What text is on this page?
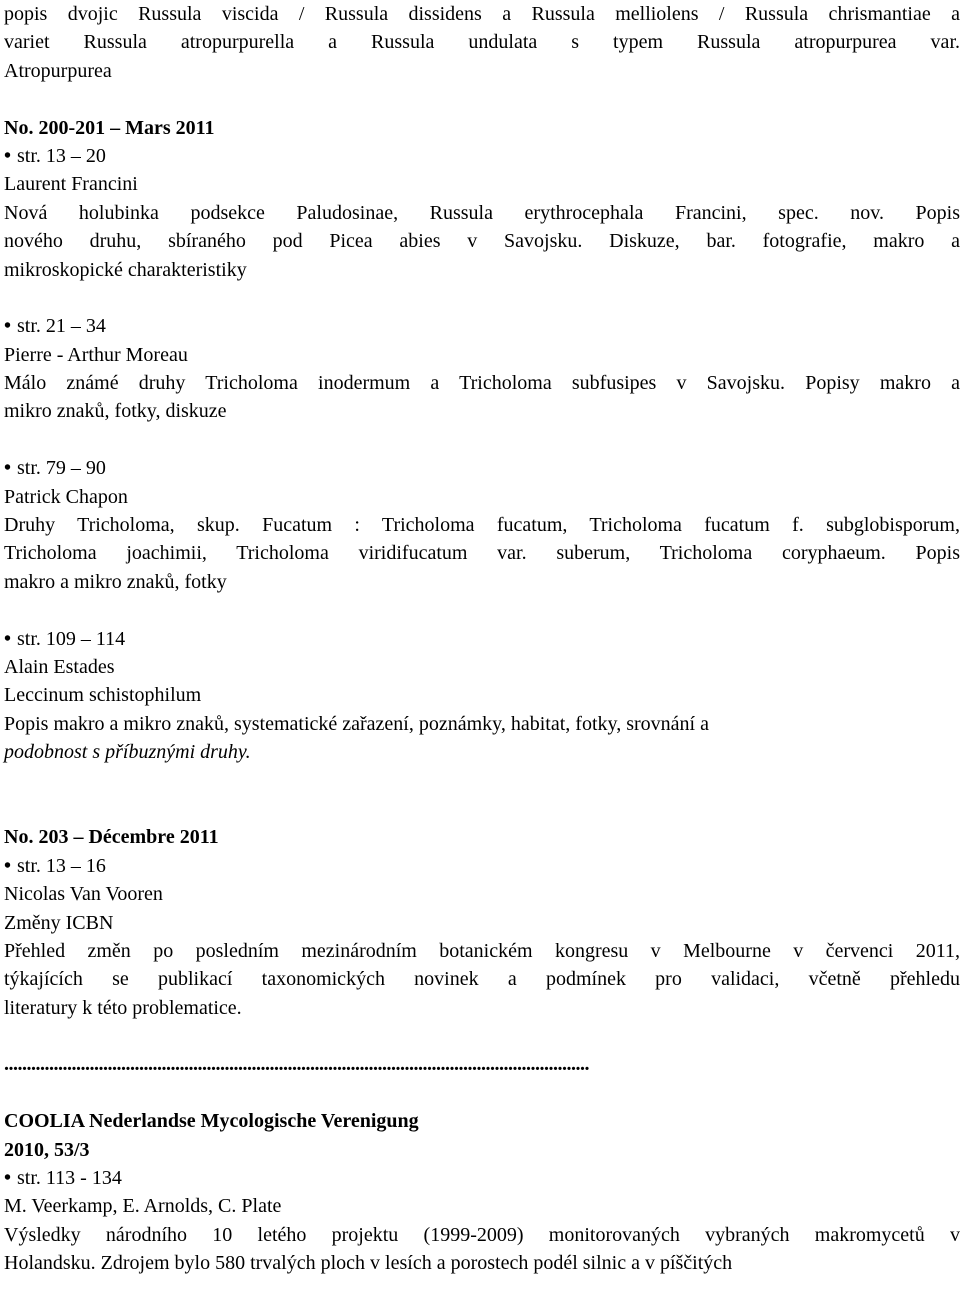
popis dvojic Russula viscida / Russula dissidens a Russula melliolens / Russula chrismantiae a
variet Russula atropurpurella a Russula undulata s typem Russula atropurpurea var.
Atropurpurea
No. 200-201 – Mars 2011
• str. 13 – 20
Laurent Francini
Nová holubinka podsekce Paludosinae, Russula erythrocephala Francini, spec. nov. Popis
nového druhu, sbíraného pod Picea abies v Savojsku. Diskuze, bar. fotografie, makro a
mikroskopické charakteristiky
• str. 21 – 34
Pierre - Arthur Moreau
Málo známé druhy Tricholoma inodermum a Tricholoma subfusipes v Savojsku. Popisy makro a
mikro znaků, fotky, diskuze
• str. 79 – 90
Patrick Chapon
Druhy Tricholoma, skup. Fucatum : Tricholoma fucatum, Tricholoma fucatum f. subglobisporum,
Tricholoma joachimii, Tricholoma viridifucatum var. suberum, Tricholoma coryphaeum. Popis
makro a mikro znaků, fotky
• str. 109 – 114
Alain Estades
Leccinum schistophilum
Popis makro a mikro znaků, systematické zařazení, poznámky, habitat, fotky, srovnání a
podobnost s příbuznými druhy.
No. 203 – Décembre 2011
• str. 13 – 16
Nicolas Van Vooren
Změny ICBN
Přehled změn po posledním mezinárodním botanickém kongresu v Melbourne v červenci 2011,
týkajících se publikací taxonomických novinek a podmínek pro validaci, včetně přehledu
literatury k této problematice.
..................................................................................................................................
COOLIA Nederlandse Mycologische Verenigung
2010, 53/3
• str. 113 - 134
M. Veerkamp, E. Arnolds, C. Plate
Výsledky národního 10 letého projektu (1999-2009) monitorovaných vybraných makromycetů v
Holandsku. Zdrojem bylo 580 trvalých ploch v lesích a porostech podél silnic a v píščitých
